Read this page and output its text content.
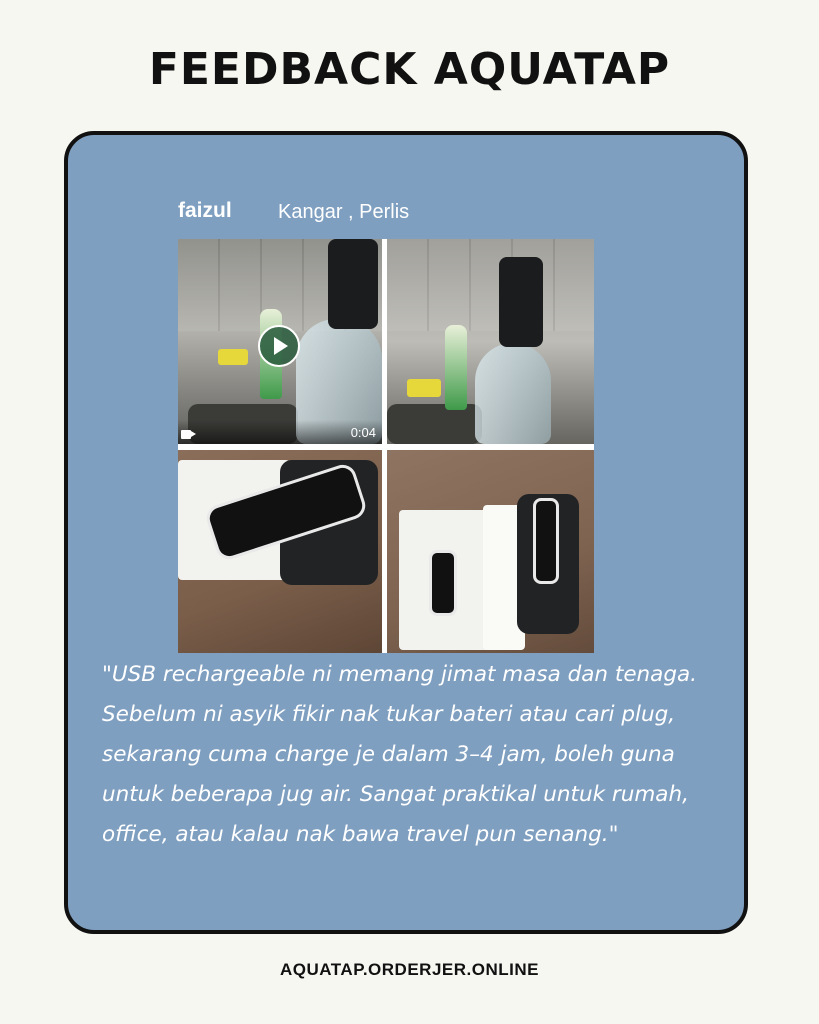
FEEDBACK AQUATAP
faizul Kangar , Perlis
0:04

"USB rechargeable ni memang jimat masa dan tenaga. Sebelum ni asyik fikir nak tukar bateri atau cari plug, sekarang cuma charge je dalam 3–4 jam, boleh guna untuk beberapa jug air. Sangat praktikal untuk rumah, office, atau kalau nak bawa travel pun senang."

AQUATAP.ORDERJER.ONLINE
